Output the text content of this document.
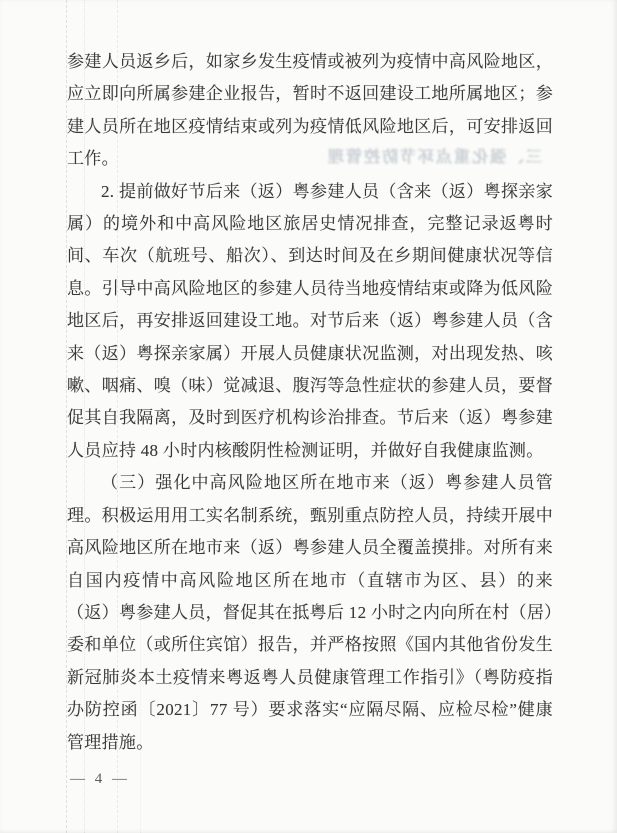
三、强化重点环节防控管理

参建人员返乡后，如家乡发生疫情或被列为疫情中高风险地区，应立即向所属参建企业报告，暂时不返回建设工地所属地区；参建人员所在地区疫情结束或列为疫情低风险地区后，可安排返回工作。

2. 提前做好节后来（返）粤参建人员（含来（返）粤探亲家属）的境外和中高风险地区旅居史情况排查，完整记录返粤时间、车次（航班号、船次）、到达时间及在乡期间健康状况等信息。引导中高风险地区的参建人员待当地疫情结束或降为低风险地区后，再安排返回建设工地。对节后来（返）粤参建人员（含来（返）粤探亲家属）开展人员健康状况监测，对出现发热、咳嗽、咽痛、嗅（味）觉减退、腹泻等急性症状的参建人员，要督促其自我隔离，及时到医疗机构诊治排查。节后来（返）粤参建人员应持 48 小时内核酸阴性检测证明，并做好自我健康监测。

（三）强化中高风险地区所在地市来（返）粤参建人员管理。积极运用用工实名制系统，甄别重点防控人员，持续开展中高风险地区所在地市来（返）粤参建人员全覆盖摸排。对所有来自国内疫情中高风险地区所在地市（直辖市为区、县）的来（返）粤参建人员，督促其在抵粤后 12 小时之内向所在村（居）委和单位（或所住宾馆）报告，并严格按照《国内其他省份发生新冠肺炎本土疫情来粤返粤人员健康管理工作指引》（粤防疫指办防控函〔2021〕77 号）要求落实“应隔尽隔、应检尽检”健康管理措施。

— 4 —
